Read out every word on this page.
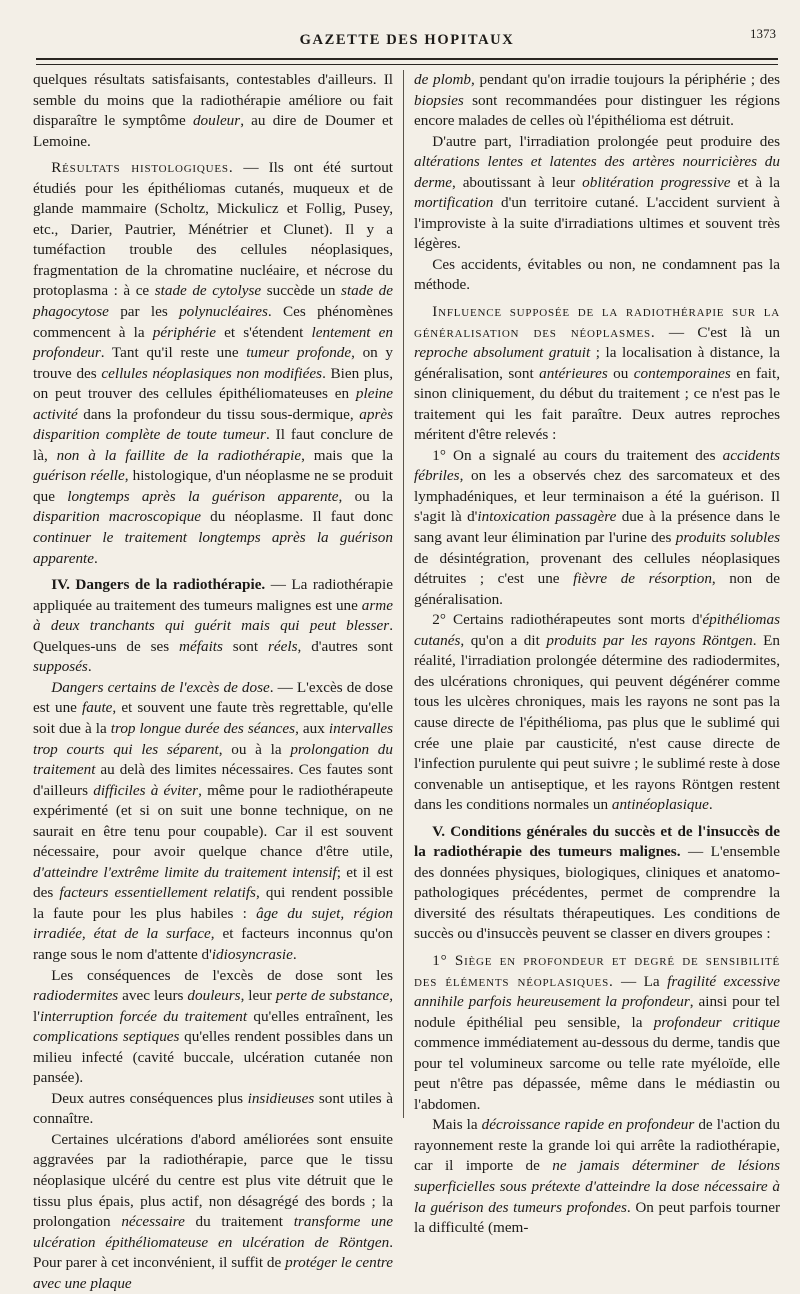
GAZETTE DES HOPITAUX	1373

quelques résultats satisfaisants, contestables d'ailleurs. Il semble du moins que la radiothérapie améliore ou fait disparaître le symptôme douleur, au dire de Doumer et Lemoine.

Résultats histologiques. — Ils ont été surtout étudiés pour les épithéliomas cutanés, muqueux et de glande mammaire (Scholtz, Mickulicz et Follig, Pusey, etc., Darier, Pautrier, Ménétrier et Clunet). Il y a tuméfaction trouble des cellules néoplasiques, fragmentation de la chromatine nucléaire, et nécrose du protoplasma : à ce stade de cytolyse succède un stade de phagocytose par les polynucléaires. Ces phénomènes commencent à la périphérie et s'étendent lentement en profondeur. Tant qu'il reste une tumeur profonde, on y trouve des cellules néoplasiques non modifiées. Bien plus, on peut trouver des cellules épithéliomateuses en pleine activité dans la profondeur du tissu sous-dermique, après disparition complète de toute tumeur. Il faut conclure de là, non à la faillite de la radiothérapie, mais que la guérison réelle, histologique, d'un néoplasme ne se produit que longtemps après la guérison apparente, ou la disparition macroscopique du néoplasme. Il faut donc continuer le traitement longtemps après la guérison apparente.

IV. Dangers de la radiothérapie. — La radiothérapie appliquée au traitement des tumeurs malignes est une arme à deux tranchants qui guérit mais qui peut blesser. Quelques-uns de ses méfaits sont réels, d'autres sont supposés.

Dangers certains de l'excès de dose. — L'excès de dose est une faute, et souvent une faute très regrettable, qu'elle soit due à la trop longue durée des séances, aux intervalles trop courts qui les séparent, ou à la prolongation du traitement au delà des limites nécessaires. Ces fautes sont d'ailleurs difficiles à éviter, même pour le radiothérapeute expérimenté (et si on suit une bonne technique, on ne saurait en être tenu pour coupable). Car il est souvent nécessaire, pour avoir quelque chance d'être utile, d'atteindre l'extrême limite du traitement intensif; et il est des facteurs essentiellement relatifs, qui rendent possible la faute pour les plus habiles : âge du sujet, région irradiée, état de la surface, et facteurs inconnus qu'on range sous le nom d'attente d'idiosyncrasie.

Les conséquences de l'excès de dose sont les radiodermites avec leurs douleurs, leur perte de substance, l'interruption forcée du traitement qu'elles entraînent, les complications septiques qu'elles rendent possibles dans un milieu infecté (cavité buccale, ulcération cutanée non pansée).

Deux autres conséquences plus insidieuses sont utiles à connaître.

Certaines ulcérations d'abord améliorées sont ensuite aggravées par la radiothérapie, parce que le tissu néoplasique ulcéré du centre est plus vite détruit que le tissu plus épais, plus actif, non désagrégé des bords ; la prolongation nécessaire du traitement transforme une ulcération épithéliomateuse en ulcération de Röntgen. Pour parer à cet inconvénient, il suffit de protéger le centre avec une plaque

de plomb, pendant qu'on irradie toujours la périphérie ; des biopsies sont recommandées pour distinguer les régions encore malades de celles où l'épithélioma est détruit.

D'autre part, l'irradiation prolongée peut produire des altérations lentes et latentes des artères nourricières du derme, aboutissant à leur oblitération progressive et à la mortification d'un territoire cutané. L'accident survient à l'improviste à la suite d'irradiations ultimes et souvent très légères.

Ces accidents, évitables ou non, ne condamnent pas la méthode.

Influence supposée de la radiothérapie sur la généralisation des néoplasmes. — C'est là un reproche absolument gratuit ; la localisation à distance, la généralisation, sont antérieures ou contemporaines en fait, sinon cliniquement, du début du traitement ; ce n'est pas le traitement qui les fait paraître. Deux autres reproches méritent d'être relevés :

1° On a signalé au cours du traitement des accidents fébriles, on les a observés chez des sarcomateux et des lymphadéniques, et leur terminaison a été la guérison. Il s'agit là d'intoxication passagère due à la présence dans le sang avant leur élimination par l'urine des produits solubles de désintégration, provenant des cellules néoplasiques détruites ; c'est une fièvre de résorption, non de généralisation.

2° Certains radiothérapeutes sont morts d'épithéliomas cutanés, qu'on a dit produits par les rayons Röntgen. En réalité, l'irradiation prolongée détermine des radiodermites, des ulcérations chroniques, qui peuvent dégénérer comme tous les ulcères chroniques, mais les rayons ne sont pas la cause directe de l'épithélioma, pas plus que le sublimé qui crée une plaie par causticité, n'est cause directe de l'infection purulente qui peut suivre ; le sublimé reste à dose convenable un antiseptique, et les rayons Röntgen restent dans les conditions normales un antinéoplasique.

V. Conditions générales du succès et de l'insuccès de la radiothérapie des tumeurs malignes. — L'ensemble des données physiques, biologiques, cliniques et anatomo-pathologiques précédentes, permet de comprendre la diversité des résultats thérapeutiques. Les conditions de succès ou d'insuccès peuvent se classer en divers groupes :

1° Siège en profondeur et degré de sensibilité des éléments néoplasiques. — La fragilité excessive annihile parfois heureusement la profondeur, ainsi pour tel nodule épithélial peu sensible, la profondeur critique commence immédiatement au-dessous du derme, tandis que pour tel volumineux sarcome ou telle rate myéloïde, elle peut n'être pas dépassée, même dans le médiastin ou l'abdomen.

Mais la décroissance rapide en profondeur de l'action du rayonnement reste la grande loi qui arrête la radiothérapie, car il importe de ne jamais déterminer de lésions superficielles sous prétexte d'atteindre la dose nécessaire à la guérison des tumeurs profondes. On peut parfois tourner la difficulté (mem-
